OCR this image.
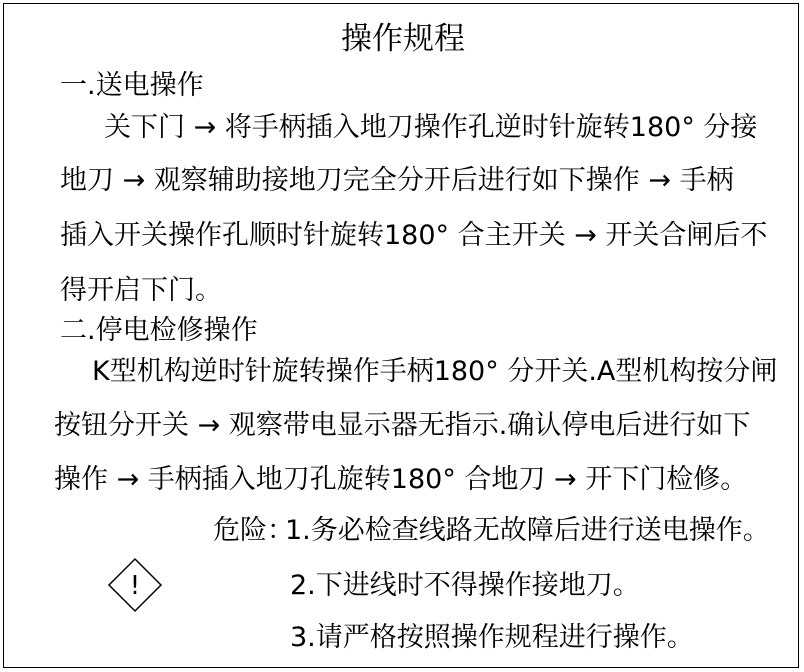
操作规程
一.送电操作
关下门 → 将手柄插入地刀操作孔逆时针旋转180° 分接
地刀 → 观察辅助接地刀完全分开后进行如下操作 → 手柄
插入开关操作孔顺时针旋转180° 合主开关 → 开关合闸后不
得开启下门。
二.停电检修操作
K型机构逆时针旋转操作手柄180° 分开关.A型机构按分闸
按钮分开关 → 观察带电显示器无指示.确认停电后进行如下
操作 → 手柄插入地刀孔旋转180° 合地刀 → 开下门检修。
危险：
1.务必检查线路无故障后进行送电操作。
2.下进线时不得操作接地刀。
3.请严格按照操作规程进行操作。
!
